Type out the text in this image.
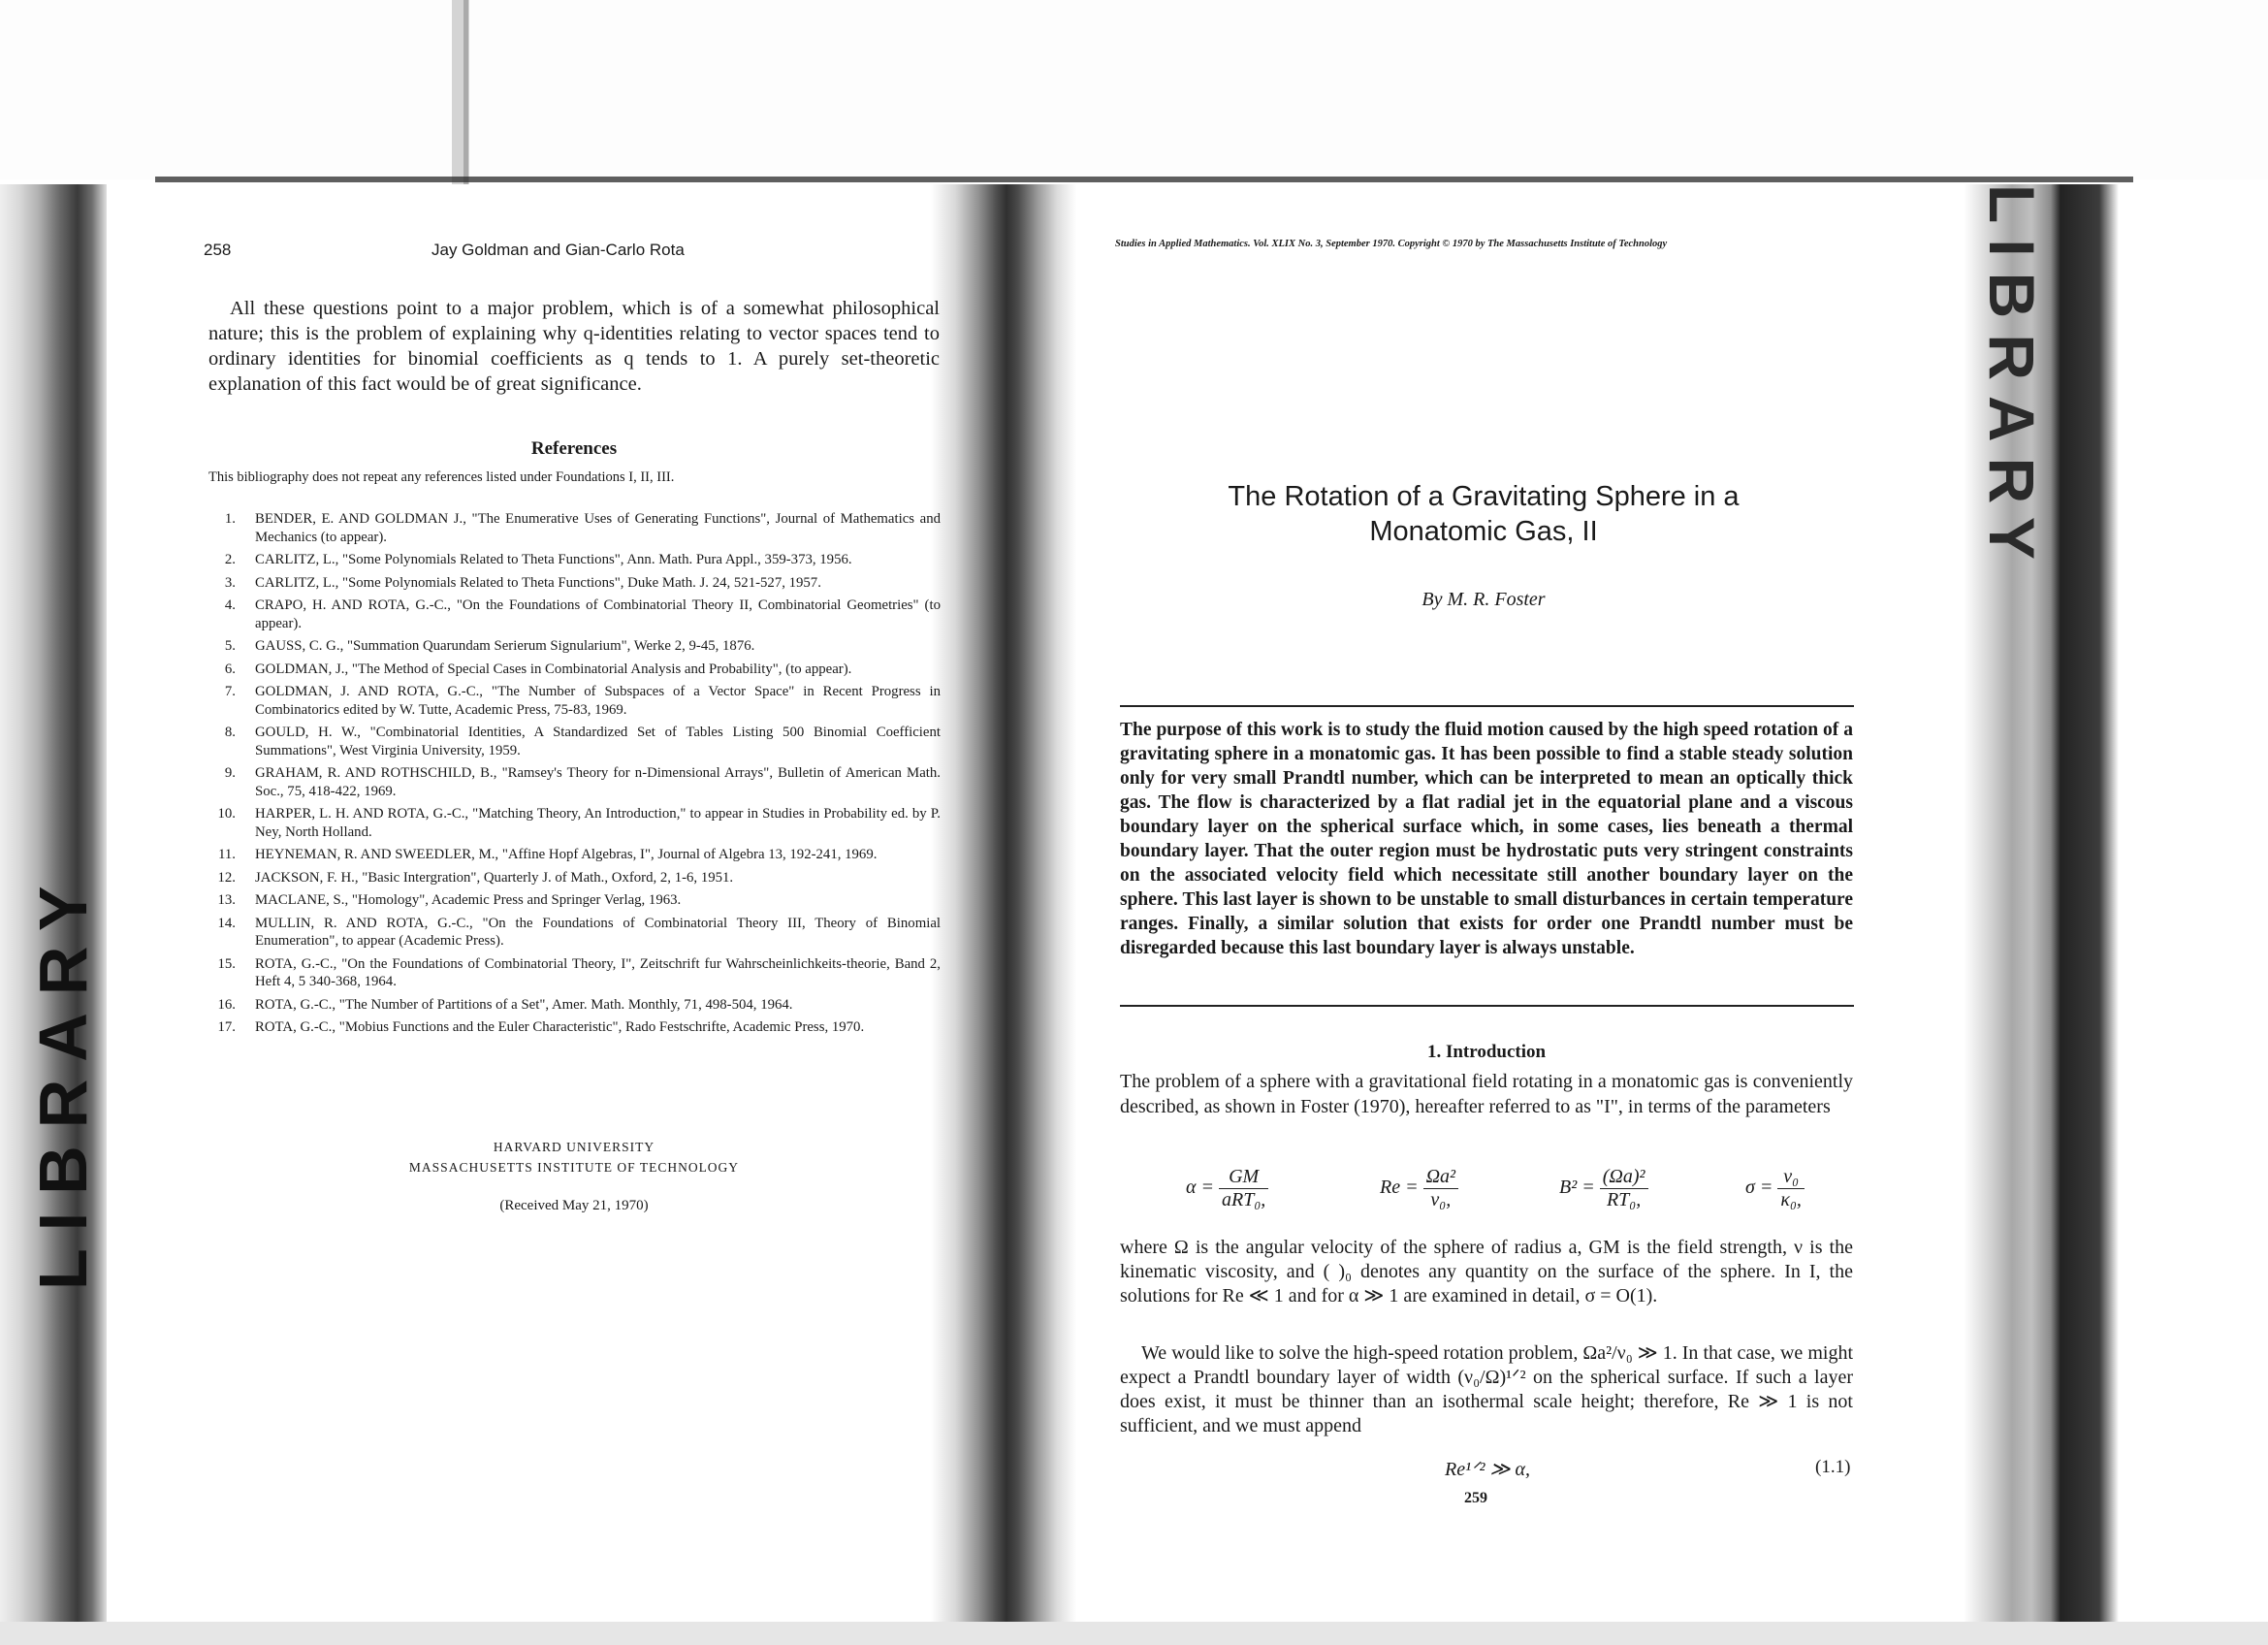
LIBRARY
LIBRARY
258	Jay Goldman and Gian-Carlo Rota

All these questions point to a major problem, which is of a somewhat philosophical nature; this is the problem of explaining why q-identities relating to vector spaces tend to ordinary identities for binomial coefficients as q tends to 1. A purely set-theoretic explanation of this fact would be of great significance.

References
This bibliography does not repeat any references listed under Foundations I, II, III.
1. BENDER, E. AND GOLDMAN J., "The Enumerative Uses of Generating Functions", Journal of Mathematics and Mechanics (to appear).
2. CARLITZ, L., "Some Polynomials Related to Theta Functions", Ann. Math. Pura Appl., 359-373, 1956.
3. CARLITZ, L., "Some Polynomials Related to Theta Functions", Duke Math. J. 24, 521-527, 1957.
4. CRAPO, H. AND ROTA, G.-C., "On the Foundations of Combinatorial Theory II, Combinatorial Geometries" (to appear).
5. GAUSS, C. G., "Summation Quarundam Serierum Signularium", Werke 2, 9-45, 1876.
6. GOLDMAN, J., "The Method of Special Cases in Combinatorial Analysis and Probability", (to appear).
7. GOLDMAN, J. AND ROTA, G.-C., "The Number of Subspaces of a Vector Space" in Recent Progress in Combinatorics edited by W. Tutte, Academic Press, 75-83, 1969.
8. GOULD, H. W., "Combinatorial Identities, A Standardized Set of Tables Listing 500 Binomial Coefficient Summations", West Virginia University, 1959.
9. GRAHAM, R. AND ROTHSCHILD, B., "Ramsey's Theory for n-Dimensional Arrays", Bulletin of American Math. Soc., 75, 418-422, 1969.
10. HARPER, L. H. AND ROTA, G.-C., "Matching Theory, An Introduction," to appear in Studies in Probability ed. by P. Ney, North Holland.
11. HEYNEMAN, R. AND SWEEDLER, M., "Affine Hopf Algebras, I", Journal of Algebra 13, 192-241, 1969.
12. JACKSON, F. H., "Basic Intergration", Quarterly J. of Math., Oxford, 2, 1-6, 1951.
13. MACLANE, S., "Homology", Academic Press and Springer Verlag, 1963.
14. MULLIN, R. AND ROTA, G.-C., "On the Foundations of Combinatorial Theory III, Theory of Binomial Enumeration", to appear (Academic Press).
15. ROTA, G.-C., "On the Foundations of Combinatorial Theory, I", Zeitschrift fur Wahrscheinlichkeits-theorie, Band 2, Heft 4, 5 340-368, 1964.
16. ROTA, G.-C., "The Number of Partitions of a Set", Amer. Math. Monthly, 71, 498-504, 1964.
17. ROTA, G.-C., "Mobius Functions and the Euler Characteristic", Rado Festschrifte, Academic Press, 1970.
HARVARD UNIVERSITY
MASSACHUSETTS INSTITUTE OF TECHNOLOGY
(Received May 21, 1970)
Studies in Applied Mathematics. Vol. XLIX No. 3, September 1970. Copyright © 1970 by The Massachusetts Institute of Technology
The Rotation of a Gravitating Sphere in a
Monatomic Gas, II
By M. R. Foster

The purpose of this work is to study the fluid motion caused by the high speed rotation of a gravitating sphere in a monatomic gas. It has been possible to find a stable steady solution only for very small Prandtl number, which can be interpreted to mean an optically thick gas. The flow is characterized by a flat radial jet in the equatorial plane and a viscous boundary layer on the spherical surface which, in some cases, lies beneath a thermal boundary layer. That the outer region must be hydrostatic puts very stringent constraints on the associated velocity field which necessitate still another boundary layer on the sphere. This last layer is shown to be unstable to small disturbances in certain temperature ranges. Finally, a similar solution that exists for order one Prandtl number must be disregarded because this last boundary layer is always unstable.

1. Introduction

The problem of a sphere with a gravitational field rotating in a monatomic gas is conveniently described, as shown in Foster (1970), hereafter referred to as "I", in terms of the parameters

$\alpha = \frac{GM}{\text{aRT₀,}}$	$Re = \frac{\text{Ωa²}}{\text{ν₀,}}$	$B^2 = \frac{\text{(Ωa)²}}{\text{RT₀,}}$	$\sigma = \frac{\text{ν₀}}{\text{κ₀,}}$

where Ω is the angular velocity of the sphere of radius a, GM is the field strength, ν is the kinematic viscosity, and ( )₀ denotes any quantity on the surface of the sphere. In I, the solutions for Re ≪ 1 and for α ≫ 1 are examined in detail, σ = O(1).

We would like to solve the high-speed rotation problem, Ωa²/ν₀ ≫ 1. In that case, we might expect a Prandtl boundary layer of width (ν₀/Ω)¹ᐟ² on the spherical surface. If such a layer does exist, it must be thinner than an isothermal scale height; therefore, Re ≫ 1 is not sufficient, and we must append

Re¹ᐟ² ≫ α,	(1.1)
259
